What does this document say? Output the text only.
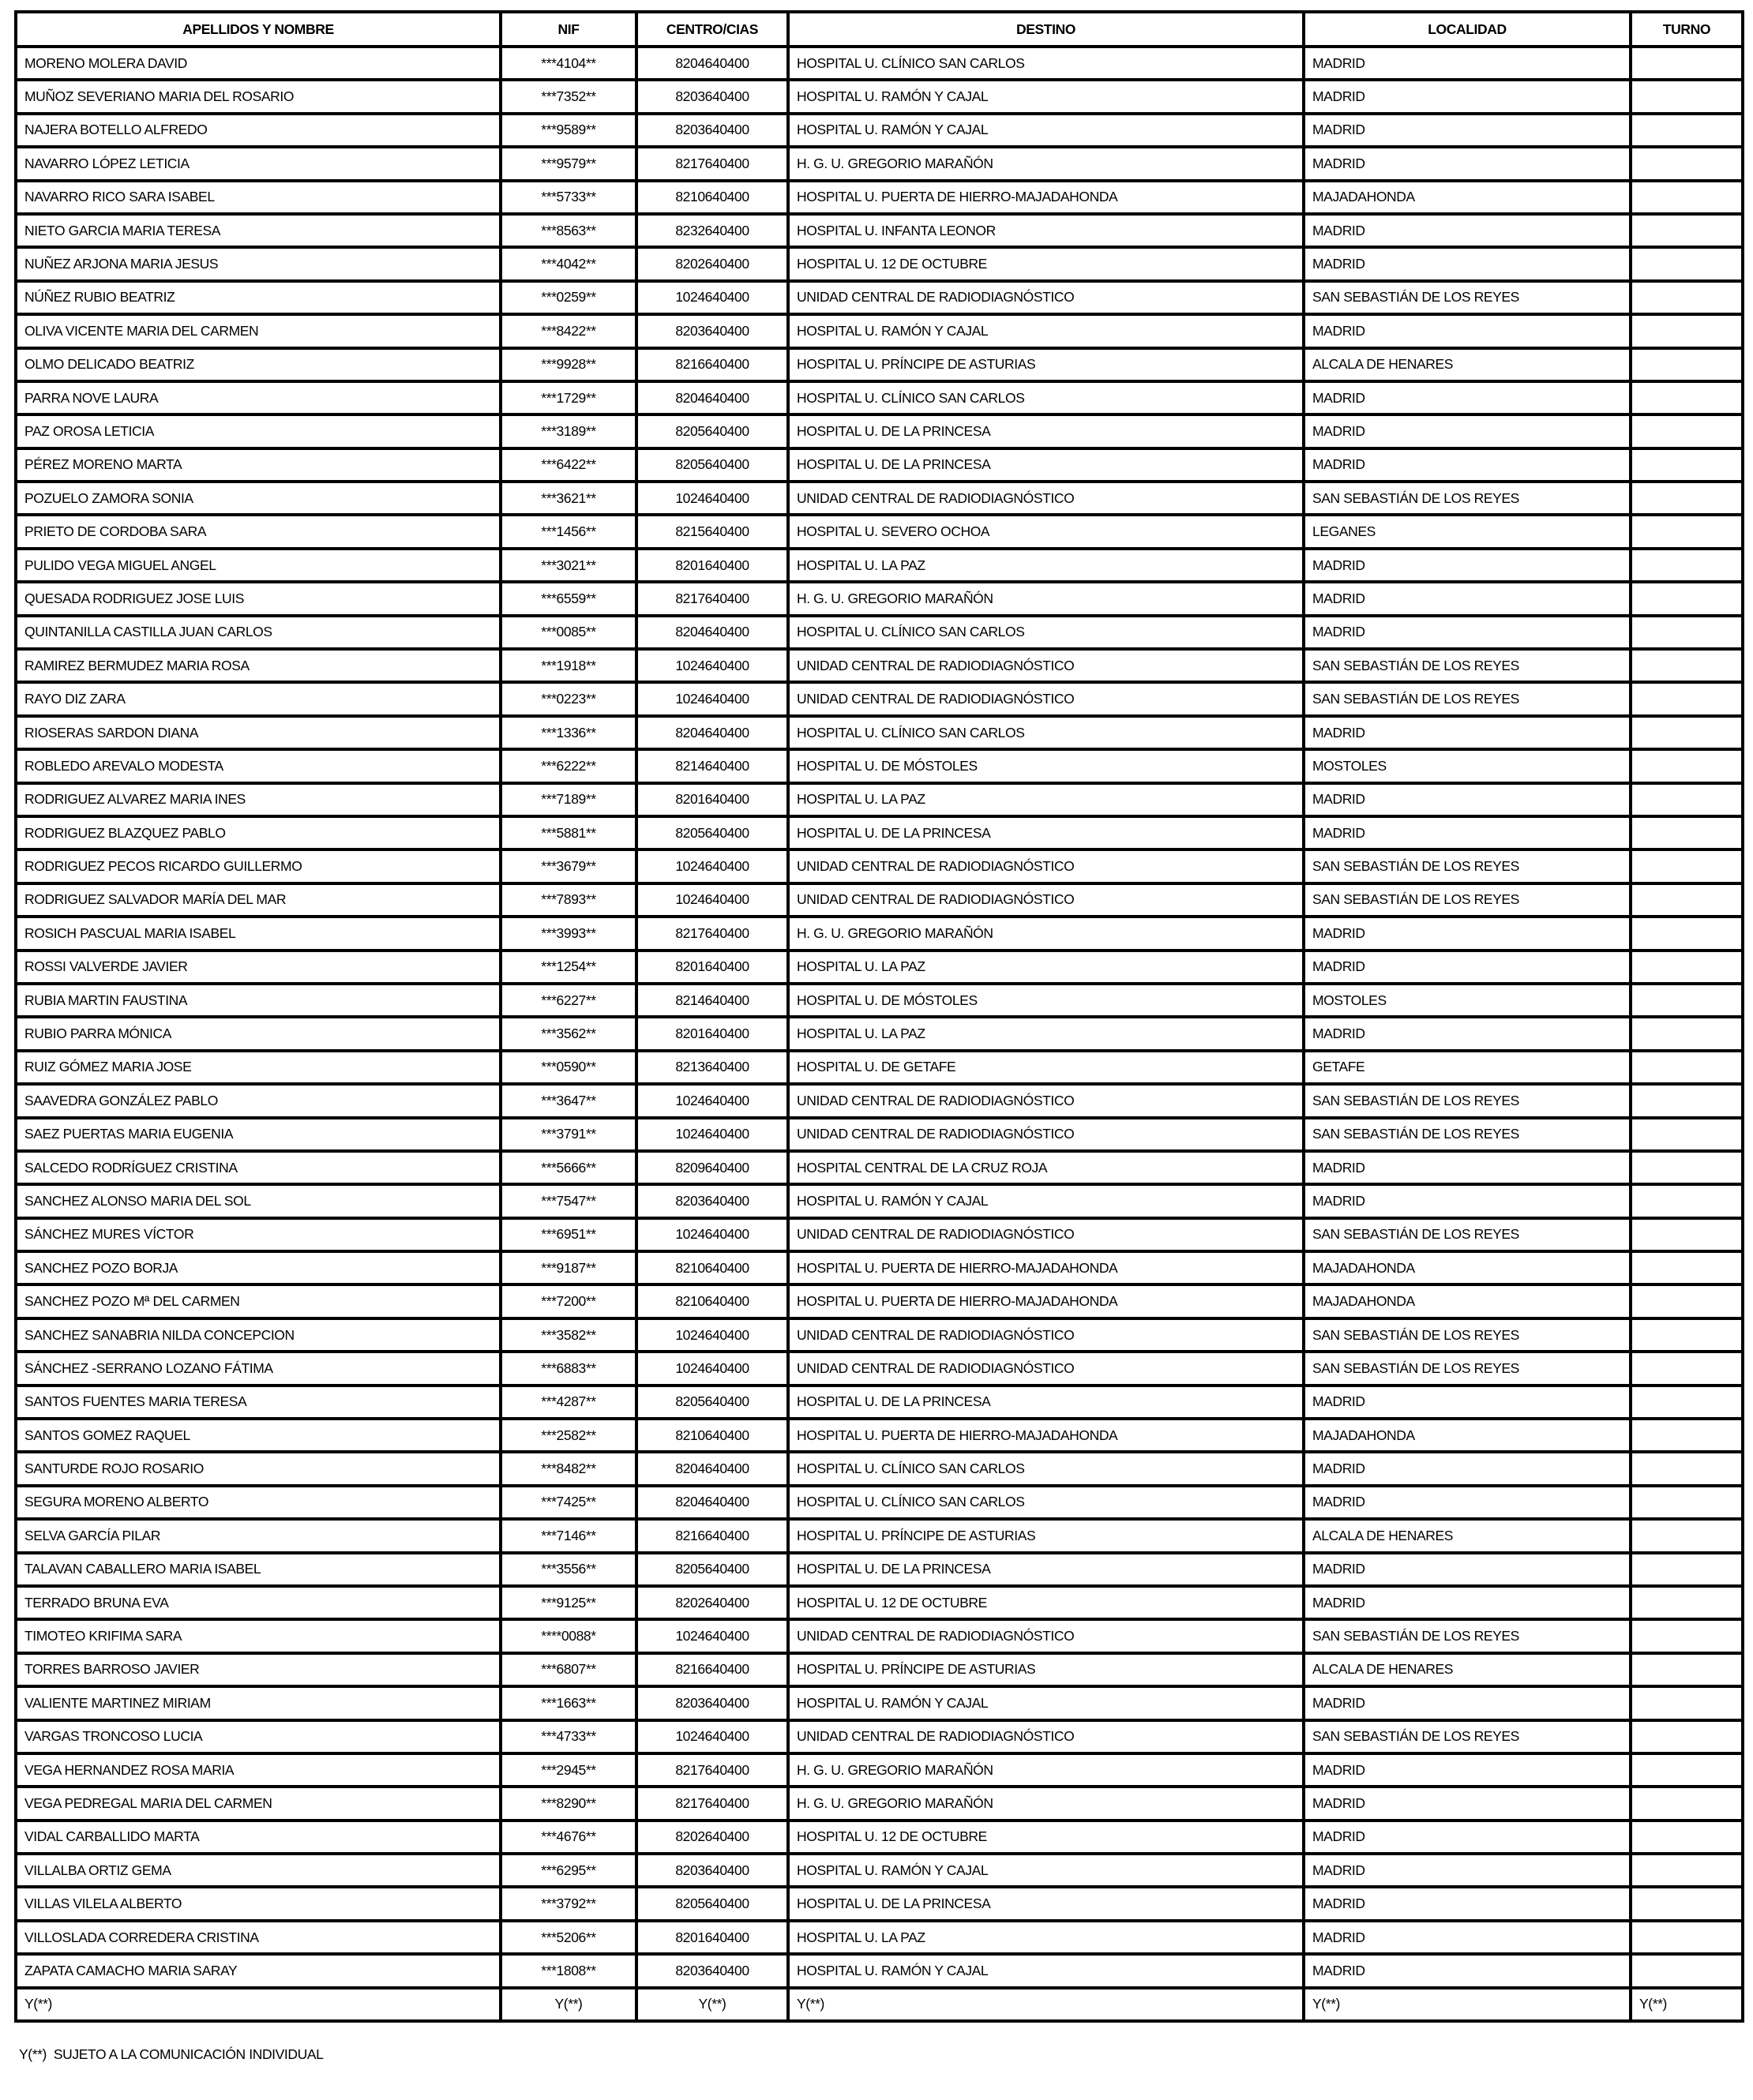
APELLIDOS Y NOMBRE	NIF	CENTRO/CIAS	DESTINO	LOCALIDAD	TURNO
MORENO MOLERA DAVID	***4104**	8204640400	HOSPITAL U. CLÍNICO SAN CARLOS	MADRID	
MUÑOZ SEVERIANO MARIA DEL ROSARIO	***7352**	8203640400	HOSPITAL U. RAMÓN Y CAJAL	MADRID	
NAJERA BOTELLO ALFREDO	***9589**	8203640400	HOSPITAL U. RAMÓN Y CAJAL	MADRID	
NAVARRO LÓPEZ LETICIA	***9579**	8217640400	H. G. U. GREGORIO MARAÑÓN	MADRID	
NAVARRO RICO SARA ISABEL	***5733**	8210640400	HOSPITAL U. PUERTA DE HIERRO-MAJADAHONDA	MAJADAHONDA	
NIETO GARCIA MARIA TERESA	***8563**	8232640400	HOSPITAL U. INFANTA LEONOR	MADRID	
NUÑEZ ARJONA MARIA JESUS	***4042**	8202640400	HOSPITAL U. 12 DE OCTUBRE	MADRID	
NÚÑEZ RUBIO BEATRIZ	***0259**	1024640400	UNIDAD CENTRAL DE RADIODIAGNÓSTICO	SAN SEBASTIÁN DE LOS REYES	
OLIVA VICENTE MARIA DEL CARMEN	***8422**	8203640400	HOSPITAL U. RAMÓN Y CAJAL	MADRID	
OLMO DELICADO BEATRIZ	***9928**	8216640400	HOSPITAL U. PRÍNCIPE DE ASTURIAS	ALCALA DE HENARES	
PARRA NOVE LAURA	***1729**	8204640400	HOSPITAL U. CLÍNICO SAN CARLOS	MADRID	
PAZ OROSA LETICIA	***3189**	8205640400	HOSPITAL U. DE LA PRINCESA	MADRID	
PÉREZ MORENO MARTA	***6422**	8205640400	HOSPITAL U. DE LA PRINCESA	MADRID	
POZUELO ZAMORA SONIA	***3621**	1024640400	UNIDAD CENTRAL DE RADIODIAGNÓSTICO	SAN SEBASTIÁN DE LOS REYES	
PRIETO DE CORDOBA SARA	***1456**	8215640400	HOSPITAL U. SEVERO OCHOA	LEGANES	
PULIDO VEGA MIGUEL ANGEL	***3021**	8201640400	HOSPITAL U. LA PAZ	MADRID	
QUESADA RODRIGUEZ JOSE LUIS	***6559**	8217640400	H. G. U. GREGORIO MARAÑÓN	MADRID	
QUINTANILLA CASTILLA JUAN CARLOS	***0085**	8204640400	HOSPITAL U. CLÍNICO SAN CARLOS	MADRID	
RAMIREZ BERMUDEZ MARIA ROSA	***1918**	1024640400	UNIDAD CENTRAL DE RADIODIAGNÓSTICO	SAN SEBASTIÁN DE LOS REYES	
RAYO DIZ ZARA	***0223**	1024640400	UNIDAD CENTRAL DE RADIODIAGNÓSTICO	SAN SEBASTIÁN DE LOS REYES	
RIOSERAS SARDON DIANA	***1336**	8204640400	HOSPITAL U. CLÍNICO SAN CARLOS	MADRID	
ROBLEDO AREVALO MODESTA	***6222**	8214640400	HOSPITAL U. DE MÓSTOLES	MOSTOLES	
RODRIGUEZ ALVAREZ MARIA INES	***7189**	8201640400	HOSPITAL U. LA PAZ	MADRID	
RODRIGUEZ BLAZQUEZ PABLO	***5881**	8205640400	HOSPITAL U. DE LA PRINCESA	MADRID	
RODRIGUEZ PECOS RICARDO GUILLERMO	***3679**	1024640400	UNIDAD CENTRAL DE RADIODIAGNÓSTICO	SAN SEBASTIÁN DE LOS REYES	
RODRIGUEZ SALVADOR MARÍA DEL MAR	***7893**	1024640400	UNIDAD CENTRAL DE RADIODIAGNÓSTICO	SAN SEBASTIÁN DE LOS REYES	
ROSICH PASCUAL MARIA ISABEL	***3993**	8217640400	H. G. U. GREGORIO MARAÑÓN	MADRID	
ROSSI VALVERDE JAVIER	***1254**	8201640400	HOSPITAL U. LA PAZ	MADRID	
RUBIA MARTIN FAUSTINA	***6227**	8214640400	HOSPITAL U. DE MÓSTOLES	MOSTOLES	
RUBIO PARRA MÓNICA	***3562**	8201640400	HOSPITAL U. LA PAZ	MADRID	
RUIZ GÓMEZ MARIA JOSE	***0590**	8213640400	HOSPITAL U. DE GETAFE	GETAFE	
SAAVEDRA GONZÁLEZ PABLO	***3647**	1024640400	UNIDAD CENTRAL DE RADIODIAGNÓSTICO	SAN SEBASTIÁN DE LOS REYES	
SAEZ PUERTAS MARIA EUGENIA	***3791**	1024640400	UNIDAD CENTRAL DE RADIODIAGNÓSTICO	SAN SEBASTIÁN DE LOS REYES	
SALCEDO RODRÍGUEZ CRISTINA	***5666**	8209640400	HOSPITAL CENTRAL DE LA CRUZ ROJA	MADRID	
SANCHEZ ALONSO MARIA DEL SOL	***7547**	8203640400	HOSPITAL U. RAMÓN Y CAJAL	MADRID	
SÁNCHEZ MURES VÍCTOR	***6951**	1024640400	UNIDAD CENTRAL DE RADIODIAGNÓSTICO	SAN SEBASTIÁN DE LOS REYES	
SANCHEZ POZO BORJA	***9187**	8210640400	HOSPITAL U. PUERTA DE HIERRO-MAJADAHONDA	MAJADAHONDA	
SANCHEZ POZO Mª DEL CARMEN	***7200**	8210640400	HOSPITAL U. PUERTA DE HIERRO-MAJADAHONDA	MAJADAHONDA	
SANCHEZ SANABRIA NILDA CONCEPCION	***3582**	1024640400	UNIDAD CENTRAL DE RADIODIAGNÓSTICO	SAN SEBASTIÁN DE LOS REYES	
SÁNCHEZ -SERRANO LOZANO FÁTIMA	***6883**	1024640400	UNIDAD CENTRAL DE RADIODIAGNÓSTICO	SAN SEBASTIÁN DE LOS REYES	
SANTOS FUENTES MARIA TERESA	***4287**	8205640400	HOSPITAL U. DE LA PRINCESA	MADRID	
SANTOS GOMEZ RAQUEL	***2582**	8210640400	HOSPITAL U. PUERTA DE HIERRO-MAJADAHONDA	MAJADAHONDA	
SANTURDE ROJO ROSARIO	***8482**	8204640400	HOSPITAL U. CLÍNICO SAN CARLOS	MADRID	
SEGURA MORENO ALBERTO	***7425**	8204640400	HOSPITAL U. CLÍNICO SAN CARLOS	MADRID	
SELVA GARCÍA PILAR	***7146**	8216640400	HOSPITAL U. PRÍNCIPE DE ASTURIAS	ALCALA DE HENARES	
TALAVAN CABALLERO MARIA ISABEL	***3556**	8205640400	HOSPITAL U. DE LA PRINCESA	MADRID	
TERRADO BRUNA EVA	***9125**	8202640400	HOSPITAL U. 12 DE OCTUBRE	MADRID	
TIMOTEO KRIFIMA SARA	****0088*	1024640400	UNIDAD CENTRAL DE RADIODIAGNÓSTICO	SAN SEBASTIÁN DE LOS REYES	
TORRES BARROSO JAVIER	***6807**	8216640400	HOSPITAL U. PRÍNCIPE DE ASTURIAS	ALCALA DE HENARES	
VALIENTE MARTINEZ MIRIAM	***1663**	8203640400	HOSPITAL U. RAMÓN Y CAJAL	MADRID	
VARGAS TRONCOSO LUCIA	***4733**	1024640400	UNIDAD CENTRAL DE RADIODIAGNÓSTICO	SAN SEBASTIÁN DE LOS REYES	
VEGA HERNANDEZ ROSA MARIA	***2945**	8217640400	H. G. U. GREGORIO MARAÑÓN	MADRID	
VEGA PEDREGAL MARIA DEL CARMEN	***8290**	8217640400	H. G. U. GREGORIO MARAÑÓN	MADRID	
VIDAL CARBALLIDO MARTA	***4676**	8202640400	HOSPITAL U. 12 DE OCTUBRE	MADRID	
VILLALBA ORTIZ GEMA	***6295**	8203640400	HOSPITAL U. RAMÓN Y CAJAL	MADRID	
VILLAS VILELA ALBERTO	***3792**	8205640400	HOSPITAL U. DE LA PRINCESA	MADRID	
VILLOSLADA CORREDERA CRISTINA	***5206**	8201640400	HOSPITAL U. LA PAZ	MADRID	
ZAPATA CAMACHO MARIA SARAY	***1808**	8203640400	HOSPITAL U. RAMÓN Y CAJAL	MADRID	
Y(**)	Y(**)	Y(**)	Y(**)	Y(**)	Y(**)
Y(**)  SUJETO A LA COMUNICACIÓN INDIVIDUAL
